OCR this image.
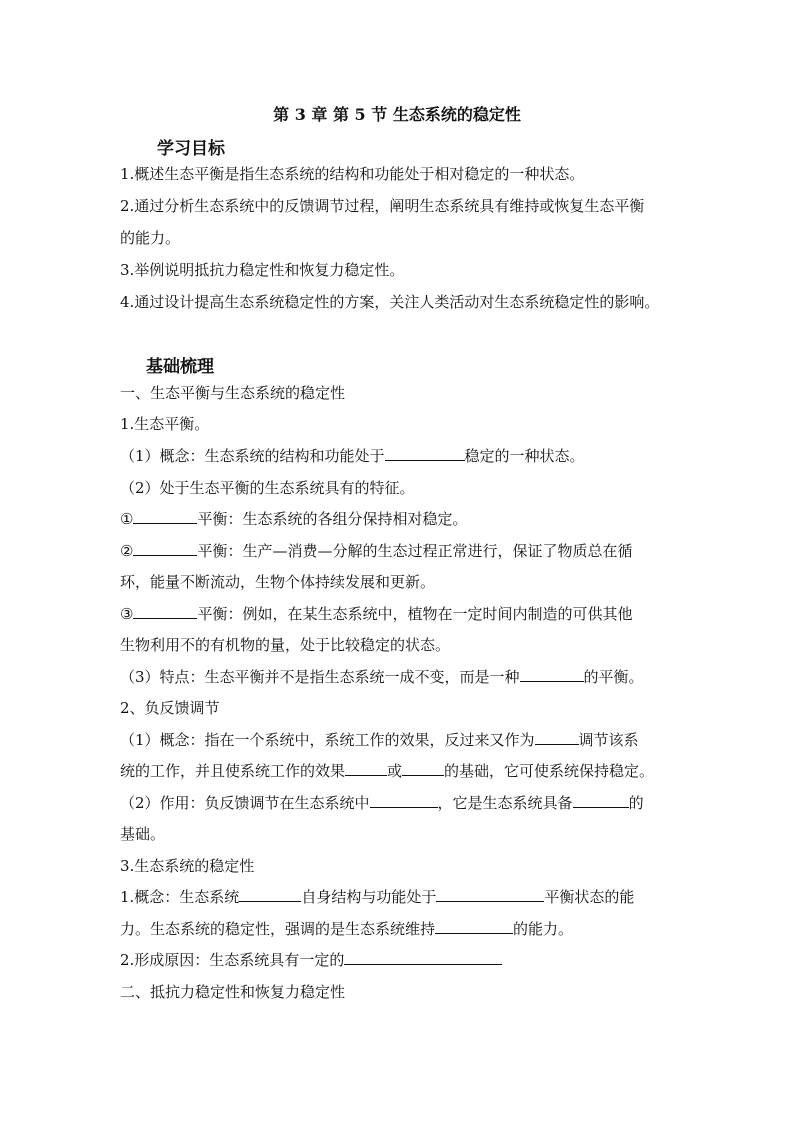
第 3 章 第 5 节 生态系统的稳定性
学习目标
1.概述生态平衡是指生态系统的结构和功能处于相对稳定的一种状态。
2.通过分析生态系统中的反馈调节过程，阐明生态系统具有维持或恢复生态平衡
的能力。
3.举例说明抵抗力稳定性和恢复力稳定性。
4.通过设计提高生态系统稳定性的方案，关注人类活动对生态系统稳定性的影响。
基础梳理
一、生态平衡与生态系统的稳定性
1.生态平衡。
（1）概念：生态系统的结构和功能处于	稳定的一种状态。
（2）处于生态平衡的生态系统具有的特征。
①	平衡：生态系统的各组分保持相对稳定。
②	平衡：生产—消费—分解的生态过程正常进行，保证了物质总在循
环，能量不断流动，生物个体持续发展和更新。
③	平衡：例如，在某生态系统中，植物在一定时间内制造的可供其他
生物利用不的有机物的量，处于比较稳定的状态。
（3）特点：生态平衡并不是指生态系统一成不变，而是一种	的平衡。
2、负反馈调节
（1）概念：指在一个系统中，系统工作的效果，反过来又作为	调节该系
统的工作，并且使系统工作的效果	或	的基础，它可使系统保持稳定。
（2）作用：负反馈调节在生态系统中	，它是生态系统具备	的
基础。
3.生态系统的稳定性
1.概念：生态系统	自身结构与功能处于	平衡状态的能
力。生态系统的稳定性，强调的是生态系统维持	的能力。
2.形成原因：生态系统具有一定的
二、抵抗力稳定性和恢复力稳定性
